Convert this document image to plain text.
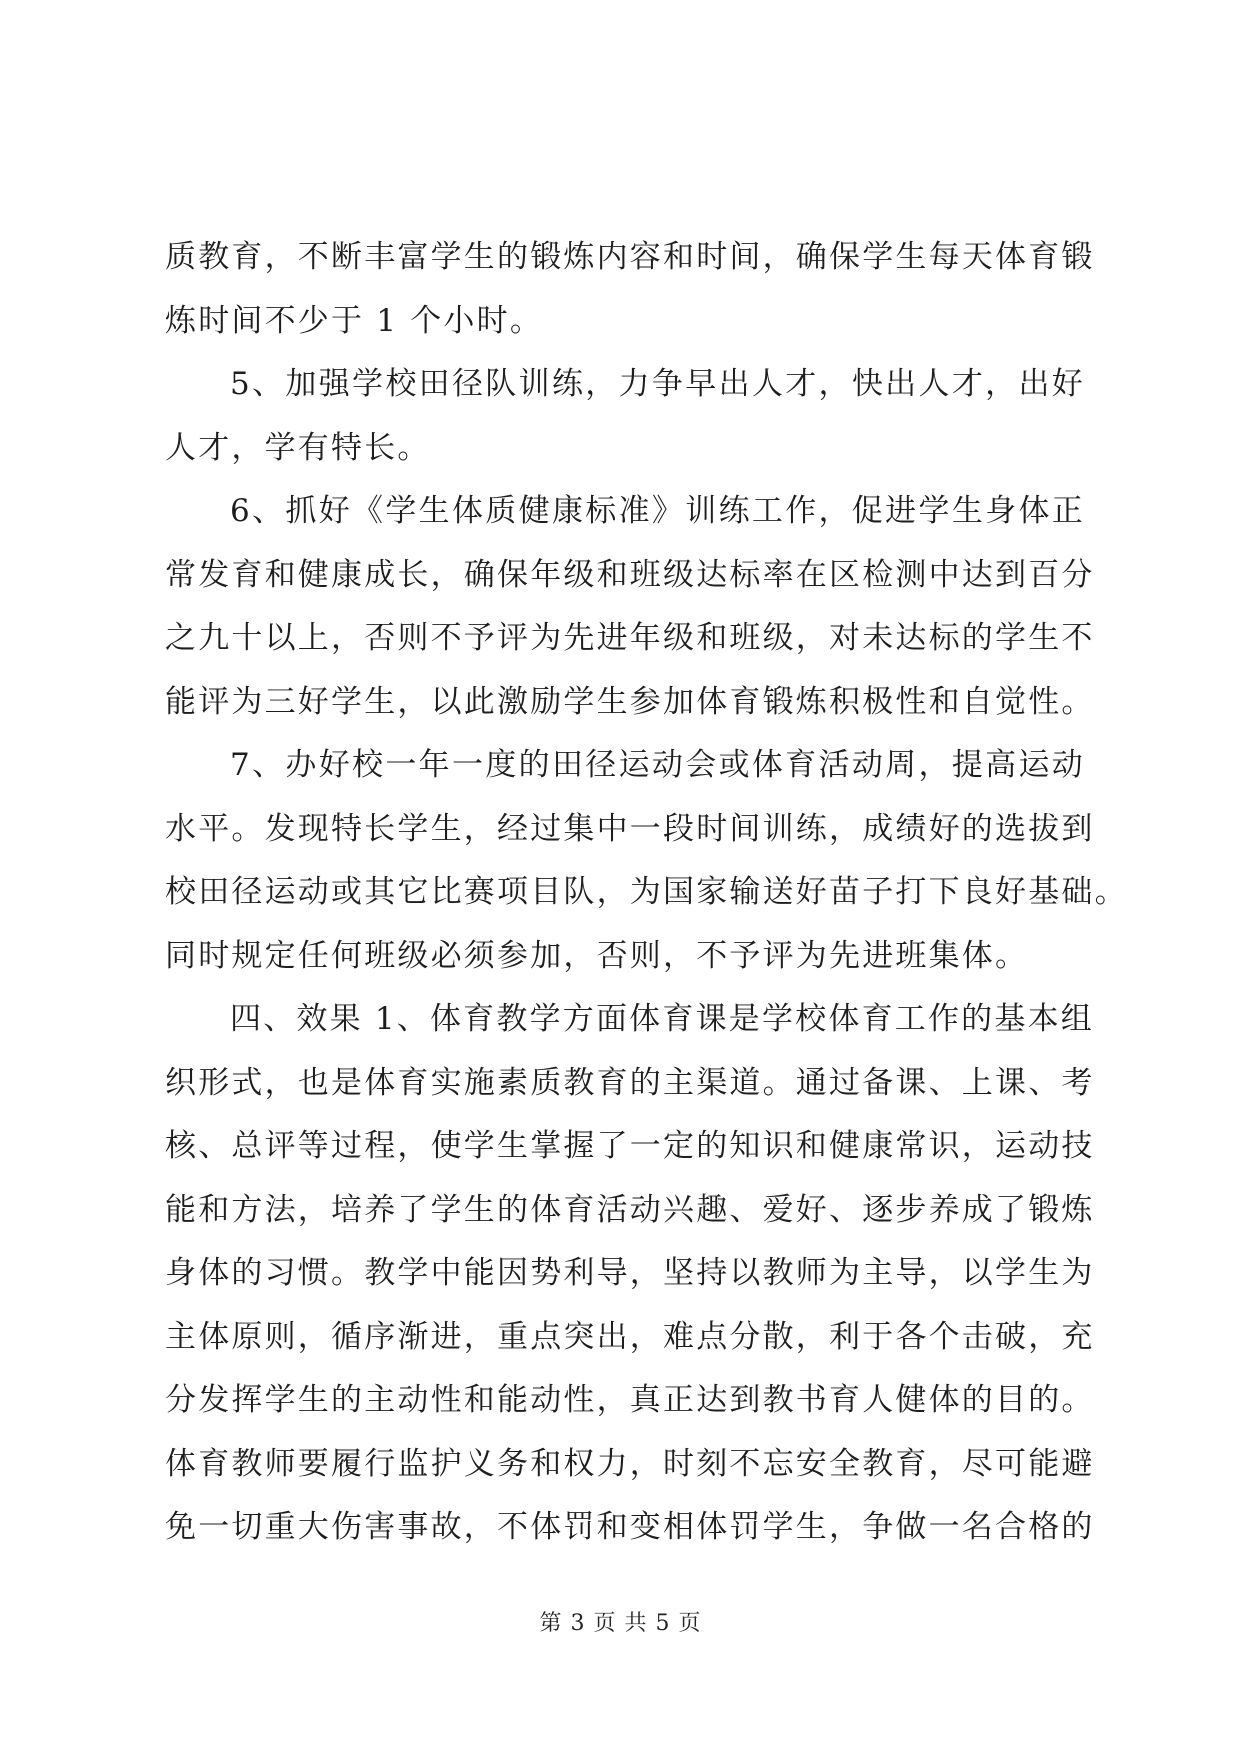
质教育，不断丰富学生的锻炼内容和时间，确保学生每天体育锻
炼时间不少于 1 个小时。
5、加强学校田径队训练，力争早出人才，快出人才，出好
人才，学有特长。
6、抓好《学生体质健康标准》训练工作，促进学生身体正
常发育和健康成长，确保年级和班级达标率在区检测中达到百分
之九十以上，否则不予评为先进年级和班级，对未达标的学生不
能评为三好学生，以此激励学生参加体育锻炼积极性和自觉性。
7、办好校一年一度的田径运动会或体育活动周，提高运动
水平。发现特长学生，经过集中一段时间训练，成绩好的选拔到
校田径运动或其它比赛项目队，为国家输送好苗子打下良好基础。
同时规定任何班级必须参加，否则，不予评为先进班集体。
四、效果 1、体育教学方面体育课是学校体育工作的基本组
织形式，也是体育实施素质教育的主渠道。通过备课、上课、考
核、总评等过程，使学生掌握了一定的知识和健康常识，运动技
能和方法，培养了学生的体育活动兴趣、爱好、逐步养成了锻炼
身体的习惯。教学中能因势利导，坚持以教师为主导，以学生为
主体原则，循序渐进，重点突出，难点分散，利于各个击破，充
分发挥学生的主动性和能动性，真正达到教书育人健体的目的。
体育教师要履行监护义务和权力，时刻不忘安全教育，尽可能避
免一切重大伤害事故，不体罚和变相体罚学生，争做一名合格的
第 3 页 共 5 页
